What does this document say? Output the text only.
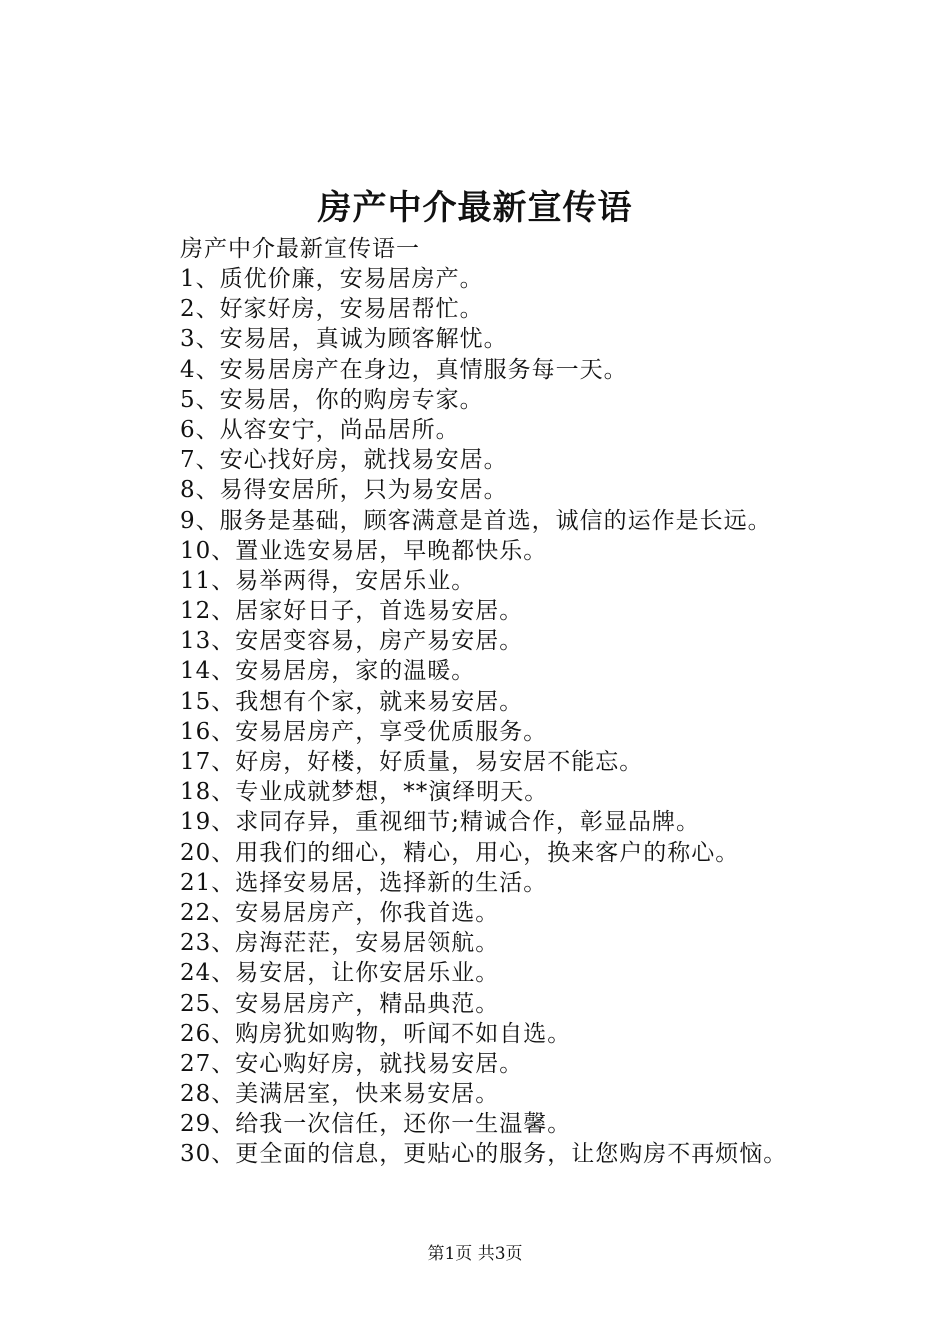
房产中介最新宣传语
房产中介最新宣传语一
1、质优价廉，安易居房产。
2、好家好房，安易居帮忙。
3、安易居，真诚为顾客解忧。
4、安易居房产在身边，真情服务每一天。
5、安易居，你的购房专家。
6、从容安宁，尚品居所。
7、安心找好房，就找易安居。
8、易得安居所，只为易安居。
9、服务是基础，顾客满意是首选，诚信的运作是长远。
10、置业选安易居，早晚都快乐。
11、易举两得，安居乐业。
12、居家好日子，首选易安居。
13、安居变容易，房产易安居。
14、安易居房，家的温暖。
15、我想有个家，就来易安居。
16、安易居房产，享受优质服务。
17、好房，好楼，好质量，易安居不能忘。
18、专业成就梦想，**演绎明天。
19、求同存异，重视细节;精诚合作，彰显品牌。
20、用我们的细心，精心，用心，换来客户的称心。
21、选择安易居，选择新的生活。
22、安易居房产，你我首选。
23、房海茫茫，安易居领航。
24、易安居，让你安居乐业。
25、安易居房产，精品典范。
26、购房犹如购物，听闻不如自选。
27、安心购好房，就找易安居。
28、美满居室，快来易安居。
29、给我一次信任，还你一生温馨。
30、更全面的信息，更贴心的服务，让您购房不再烦恼。
第1页 共3页
